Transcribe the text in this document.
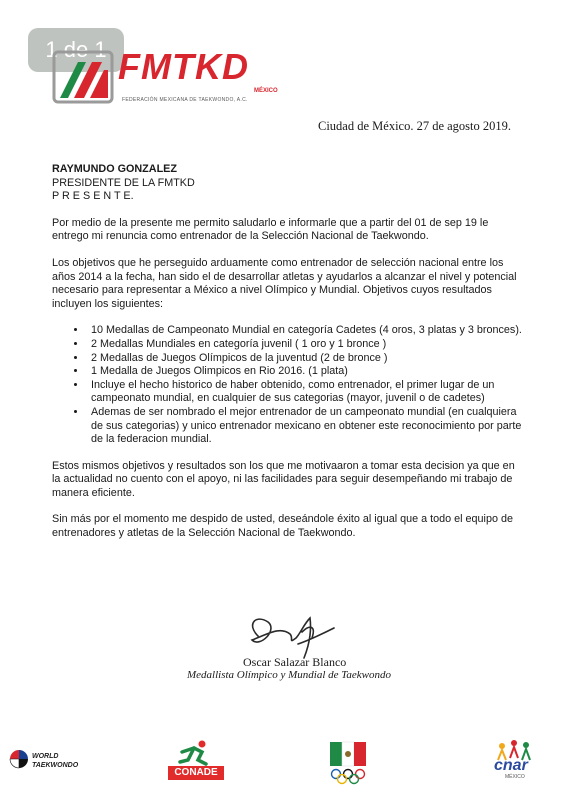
1 de 1 FMTKD
MÉXICO
FEDERACIÓN MEXICANA DE TAEKWONDO, A.C.
Ciudad de México. 27 de agosto 2019.

RAYMUNDO GONZALEZ

PRESIDENTE DE LA FMTKD

P R E S E N T E.

Por medio de la presente me permito saludarlo e informarle que a partir del 01 de sep 19 le entrego mi renuncia como entrenador de la Selección Nacional de Taekwondo.

Los objetivos que he perseguido arduamente como entrenador de selección nacional entre los años 2014 a la fecha, han sido el de desarrollar atletas y ayudarlos a alcanzar el nivel y potencial necesario para representar a México a nivel Olímpico y Mundial. Objetivos cuyos resultados incluyen los siguientes:

• 10 Medallas de Campeonato Mundial en categoría Cadetes (4 oros, 3 platas y 3 bronces).
• 2 Medallas Mundiales en categoría juvenil ( 1 oro y 1 bronce )
• 2 Medallas de Juegos Olímpicos de la juventud (2 de bronce )
• 1 Medalla de Juegos Olimpicos en Rio 2016. (1 plata)
• Incluye el hecho historico de haber obtenido, como entrenador, el primer lugar de un campeonato mundial, en cualquier de sus categorias (mayor, juvenil o de cadetes)
• Ademas de ser nombrado el mejor entrenador de un campeonato mundial (en cualquiera de sus categorias) y unico entrenador mexicano en obtener este reconocimiento por parte de la federacion mundial.

Estos mismos objetivos y resultados son los que me motivaaron a tomar esta decision ya que en la actualidad no cuento con el apoyo, ni las facilidades para seguir desempeñando mi trabajo de manera eficiente.

Sin más por el momento me despido de usted, deseándole éxito al igual que a todo el equipo de entrenadores y atletas de la Selección Nacional de Taekwondo.

Oscar Salazar Blanco
Medallista Olímpico y Mundial de Taekwondo
WORLD
TAEKWONDO
CONADE	cnar
MÉXICO
